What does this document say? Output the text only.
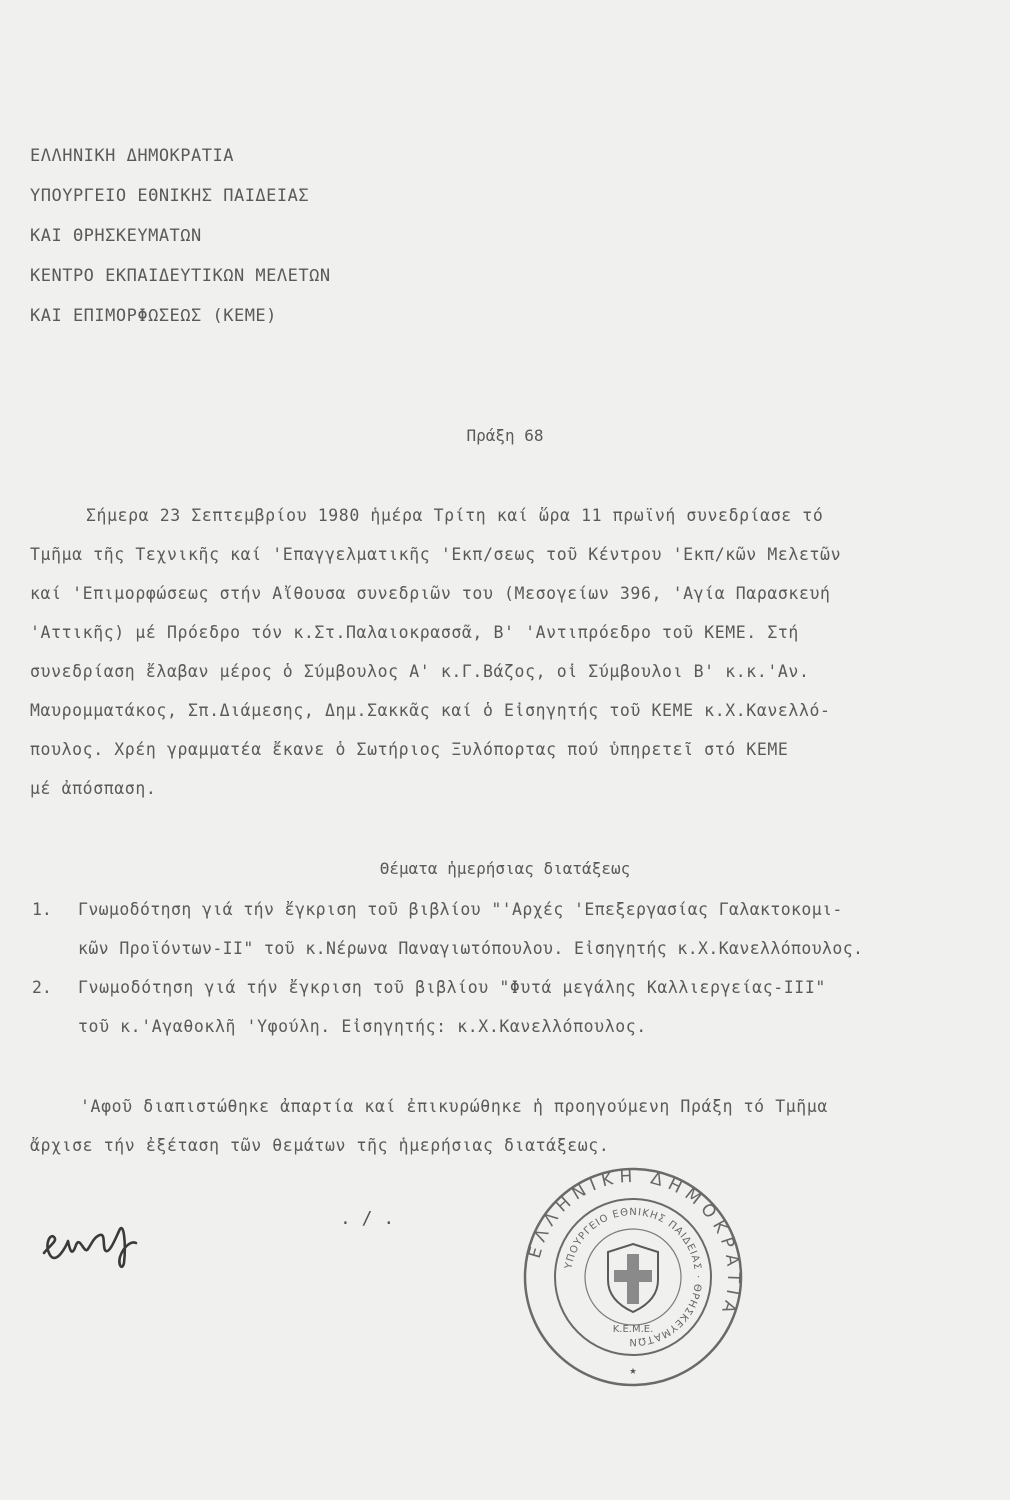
ΕΛΛΗΝΙΚΗ ΔΗΜΟΚΡΑΤΙΑ
ΥΠΟΥΡΓΕΙΟ ΕΘΝΙΚΗΣ ΠΑΙΔΕΙΑΣ
ΚΑΙ ΘΡΗΣΚΕΥΜΑΤΩΝ
ΚΕΝΤΡΟ ΕΚΠΑΙΔΕΥΤΙΚΩΝ ΜΕΛΕΤΩΝ
ΚΑΙ ΕΠΙΜΟΡΦΩΣΕΩΣ (ΚΕΜΕ)
Πράξη 68
Σήμερα 23 Σεπτεμβρίου 1980 ἡμέρα Τρίτη καί ὥρα 11 πρωϊνή συνεδρίασε τό
Τμῆμα τῆς Τεχνικῆς καί 'Επαγγελματικῆς 'Εκπ/σεως τοῦ Κέντρου 'Εκπ/κῶν Μελετῶν
καί 'Επιμορφώσεως στήν Αἴθουσα συνεδριῶν του (Μεσογείων 396, 'Αγία Παρασκευή
'Αττικῆς) μέ Πρόεδρο τόν κ.Στ.Παλαιοκρασσᾶ, Β' 'Αντιπρόεδρο τοῦ ΚΕΜΕ. Στή
συνεδρίαση ἔλαβαν μέρος ὁ Σύμβουλος Α' κ.Γ.Βάζος, οἱ Σύμβουλοι Β' κ.κ.'Αν.
Μαυρομματάκος, Σπ.Διάμεσης, Δημ.Σακκᾶς καί ὁ Εἰσηγητής τοῦ ΚΕΜΕ κ.Χ.Κανελλό-
πουλος. Χρέη γραμματέα ἔκανε ὁ Σωτήριος Ξυλόπορτας πού ὑπηρετεῖ στό ΚΕΜΕ
μέ ἀπόσπαση.
Θέματα ἡμερήσιας διατάξεως
1. Γνωμοδότηση γιά τήν ἔγκριση τοῦ βιβλίου "'Αρχές 'Επεξεργασίας Γαλακτοκομι-
κῶν Προϊόντων-ΙΙ" τοῦ κ.Νέρωνα Παναγιωτόπουλου. Εἰσηγητής κ.Χ.Κανελλόπουλος.
2. Γνωμοδότηση γιά τήν ἔγκριση τοῦ βιβλίου "Φυτά μεγάλης Καλλιεργείας-ΙΙΙ"
τοῦ κ.'Αγαθοκλῆ 'Υφούλη. Εἰσηγητής: κ.Χ.Κανελλόπουλος.
'Αφοῦ διαπιστώθηκε ἀπαρτία καί ἐπικυρώθηκε ἡ προηγούμενη Πράξη τό Τμῆμα
ἄρχισε τήν ἐξέταση τῶν θεμάτων τῆς ἡμερήσιας διατάξεως.
. / .
ΕΛΛΗΝΙΚΗ ΔΗΜΟΚΡΑΤΙΑ
ΥΠΟΥΡΓΕΙΟ ΕΘΝΙΚΗΣ ΠΑΙΔΕΙΑΣ · ΘΡΗΣΚΕΥΜΑΤΩΝ
★
Κ.Ε.Μ.Ε.
